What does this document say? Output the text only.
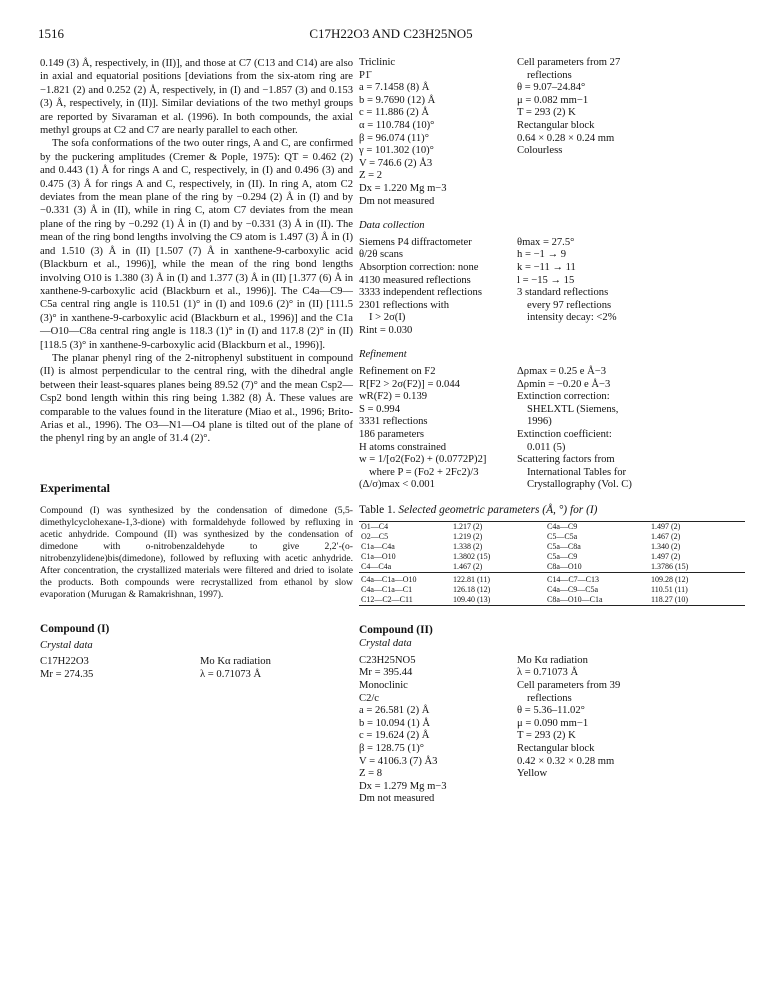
1516	C17H22O3 AND C23H25NO5

0.149 (3) Å, respectively, in (II)], and those at C7 (C13 and C14) are also in axial and equatorial positions [deviations from the six-atom ring are −1.821 (2) and 0.252 (2) Å, respectively, in (I) and −1.857 (3) and 0.153 (3) Å, respectively, in (II)]. Similar deviations of the two methyl groups are reported by Sivaraman et al. (1996). In both compounds, the axial methyl groups at C2 and C7 are nearly parallel to each other.

The sofa conformations of the two outer rings, A and C, are confirmed by the puckering amplitudes (Cremer & Pople, 1975): QT = 0.462 (2) and 0.443 (1) Å for rings A and C, respectively, in (I) and 0.496 (3) and 0.475 (3) Å for rings A and C, respectively, in (II). In ring A, atom C2 deviates from the mean plane of the ring by −0.294 (2) Å in (I) and by −0.331 (3) Å in (II), while in ring C, atom C7 deviates from the mean plane of the ring by −0.292 (1) Å in (I) and by −0.331 (3) Å in (II). The mean of the ring bond lengths involving the C9 atom is 1.497 (3) Å in (I) and 1.510 (3) Å in (II) [1.507 (7) Å in xanthene-9-carboxylic acid (Blackburn et al., 1996)], while the mean of the ring bond lengths involving O10 is 1.380 (3) Å in (I) and 1.377 (3) Å in (II) [1.377 (6) Å in xanthene-9-carboxylic acid (Blackburn et al., 1996)]. The C4a—C9—C5a central ring angle is 110.51 (1)° in (I) and 109.6 (2)° in (II) [111.5 (3)° in xanthene-9-carboxylic acid (Blackburn et al., 1996)] and the C1a—O10—C8a central ring angle is 118.3 (1)° in (I) and 117.8 (2)° in (II) [118.5 (3)° in xanthene-9-carboxylic acid (Blackburn et al., 1996)].

The planar phenyl ring of the 2-nitrophenyl substituent in compound (II) is almost perpendicular to the central ring, with the dihedral angle between their least-squares planes being 89.52 (7)° and the mean Csp2—Csp2 bond length within this ring being 1.382 (8) Å. These values are comparable to the values found in the literature (Miao et al., 1996; Brito-Arias et al., 1996). The O3—N1—O4 plane is tilted out of the plane of the phenyl ring by an angle of 31.4 (2)°.

Experimental

Compound (I) was synthesized by the condensation of dimedone (5,5-dimethylcyclohexane-1,3-dione) with formaldehyde followed by refluxing in acetic anhydride. Compound (II) was synthesized by the condensation of dimedone with o-nitrobenzaldehyde to give 2,2′-(o-nitrobenzylidene)bis(dimedone), followed by refluxing with acetic anhydride. After concentration, the crystallized materials were filtered and dried to isolate the products. Both compounds were recrystallized from ethanol by slow evaporation (Murugan & Ramakrishnan, 1997).

Compound (I)
Crystal data
C17H22O3	Mo Kα radiation
Mr = 274.35	λ = 0.71073 Å
Triclinic
P1̄
a = 7.1458 (8) Å
b = 9.7690 (12) Å
c = 11.886 (2) Å
α = 110.784 (10)°
β = 96.074 (11)°
γ = 101.302 (10)°
V = 746.6 (2) Å3
Z = 2
Dx = 1.220 Mg m−3
Dm not measured
Cell parameters from 27
reflections
θ = 9.07–24.84°
μ = 0.082 mm−1
T = 293 (2) K
Rectangular block
0.64 × 0.28 × 0.24 mm
Colourless
Data collection
Siemens P4 diffractometer
θ/2θ scans
Absorption correction: none
4130 measured reflections
3333 independent reflections
2301 reflections with
I > 2σ(I)
Rint = 0.030
θmax = 27.5°
h = −1 → 9
k = −11 → 11
l = −15 → 15
3 standard reflections
every 97 reflections
intensity decay: <2%
Refinement
Refinement on F2
R[F2 > 2σ(F2)] = 0.044
wR(F2) = 0.139
S = 0.994
3331 reflections
186 parameters
H atoms constrained
w = 1/[σ2(Fo2) + (0.0772P)2]
where P = (Fo2 + 2Fc2)/3
(Δ/σ)max < 0.001
Δρmax = 0.25 e Å−3
Δρmin = −0.20 e Å−3
Extinction correction:
SHELXTL (Siemens,
1996)
Extinction coefficient:
0.011 (5)
Scattering factors from
International Tables for
Crystallography (Vol. C)
Table 1. Selected geometric parameters (Å, °) for (I)
O1—C4	1.217 (2)	C4a—C9	1.497 (2)
O2—C5	1.219 (2)	C5—C5a	1.467 (2)
C1a—C4a	1.338 (2)	C5a—C8a	1.340 (2)
C1a—O10	1.3802 (15)	C5a—C9	1.497 (2)
C4—C4a	1.467 (2)	C8a—O10	1.3786 (15)
C4a—C1a—O10	122.81 (11)	C14—C7—C13	109.28 (12)
C4a—C1a—C1	126.18 (12)	C4a—C9—C5a	110.51 (11)
C12—C2—C11	109.40 (13)	C8a—O10—C1a	118.27 (10)
Compound (II)
Crystal data
C23H25NO5
Mr = 395.44
Monoclinic
C2/c
a = 26.581 (2) Å
b = 10.094 (1) Å
c = 19.624 (2) Å
β = 128.75 (1)°
V = 4106.3 (7) Å3
Z = 8
Dx = 1.279 Mg m−3
Dm not measured
Mo Kα radiation
λ = 0.71073 Å
Cell parameters from 39
reflections
θ = 5.36–11.02°
μ = 0.090 mm−1
T = 293 (2) K
Rectangular block
0.42 × 0.32 × 0.28 mm
Yellow
